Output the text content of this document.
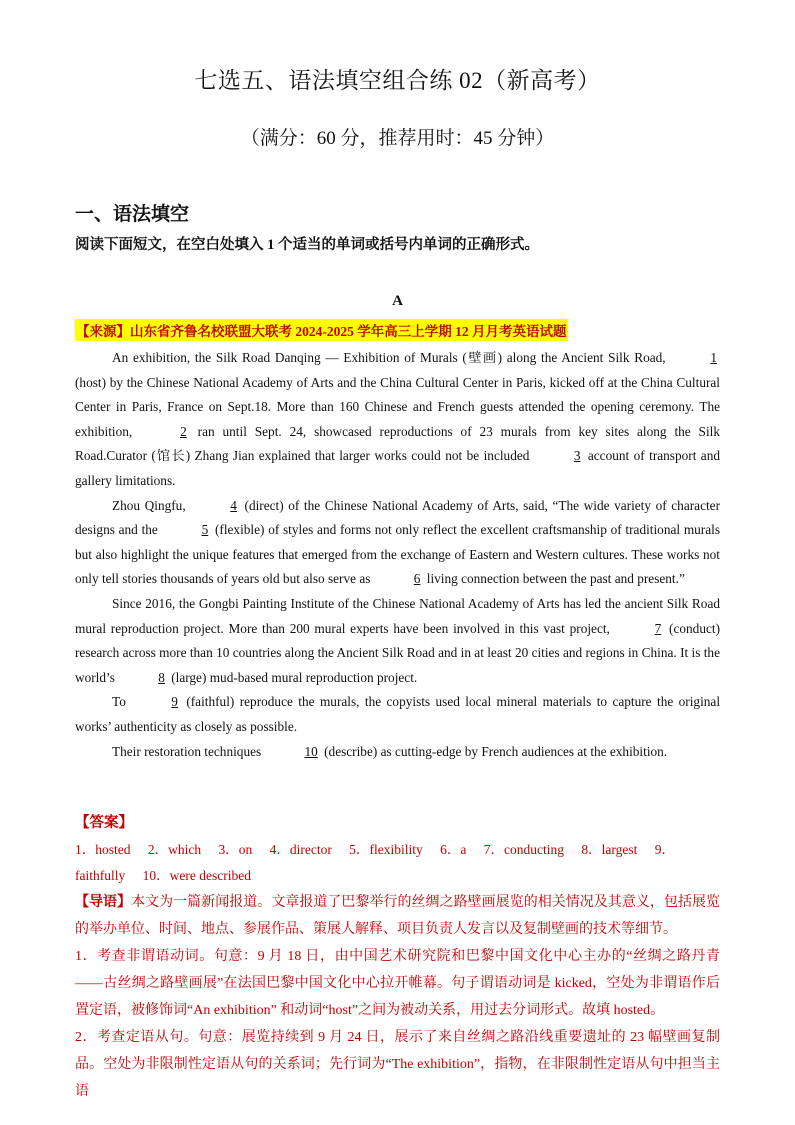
七选五、语法填空组合练 02（新高考）
（满分：60 分，推荐用时：45 分钟）
一、语法填空
阅读下面短文，在空白处填入 1 个适当的单词或括号内单词的正确形式。
A
【来源】山东省齐鲁名校联盟大联考 2024-2025 学年高三上学期 12 月月考英语试题

An exhibition, the Silk Road Danqing — Exhibition of Murals (壁画) along the Ancient Silk Road,	1 (host) by the Chinese National Academy of Arts and the China Cultural Center in Paris, kicked off at the China Cultural Center in Paris, France on Sept.18. More than 160 Chinese and French guests attended the opening ceremony. The exhibition,	2 ran until Sept. 24, showcased reproductions of 23 murals from key sites along the Silk Road.Curator (馆长) Zhang Jian explained that larger works could not be included	3 account of transport and gallery limitations.

Zhou Qingfu,	4 (direct) of the Chinese National Academy of Arts, said, “The wide variety of character designs and the	5 (flexible) of styles and forms not only reflect the excellent craftsmanship of traditional murals but also highlight the unique features that emerged from the exchange of Eastern and Western cultures. These works not only tell stories thousands of years old but also serve as	6 living connection between the past and present.”

Since 2016, the Gongbi Painting Institute of the Chinese National Academy of Arts has led the ancient Silk Road mural reproduction project. More than 200 mural experts have been involved in this vast project,	7 (conduct) research across more than 10 countries along the Ancient Silk Road and in at least 20 cities and regions in China. It is the world’s	8 (large) mud-based mural reproduction project.

To	9 (faithful) reproduce the murals, the copyists used local mineral materials to capture the original works’ authenticity as closely as possible.

Their restoration techniques	10 (describe) as cutting-edge by French audiences at the exhibition.

【答案】
1．hosted 2．which 3．on 4．director 5．flexibility 6．a 7．conducting 8．largest 9．faithfully 10．were described

【导语】本文为一篇新闻报道。文章报道了巴黎举行的丝绸之路壁画展览的相关情况及其意义，包括展览的举办单位、时间、地点、参展作品、策展人解释、项目负责人发言以及复制壁画的技术等细节。

1．考查非谓语动词。句意：9 月 18 日，由中国艺术研究院和巴黎中国文化中心主办的“丝绸之路丹青——古丝绸之路壁画展”在法国巴黎中国文化中心拉开帷幕。句子谓语动词是 kicked，空处为非谓语作后置定语，被修饰词“An exhibition” 和动词“host”之间为被动关系，用过去分词形式。故填 hosted。

2．考查定语从句。句意：展览持续到 9 月 24 日，展示了来自丝绸之路沿线重要遗址的 23 幅壁画复制品。空处为非限制性定语从句的关系词；先行词为“The exhibition”，指物，在非限制性定语从句中担当主语
